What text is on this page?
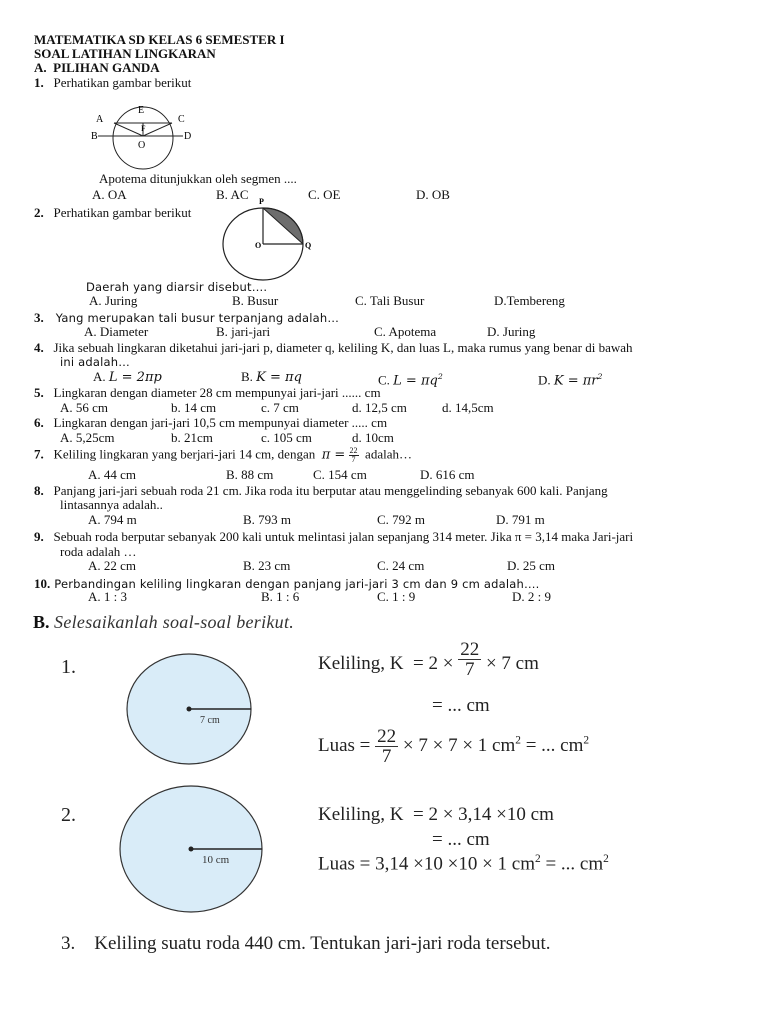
MATEMATIKA SD KELAS 6 SEMESTER I
SOAL LATIHAN LINGKARAN
A. PILIHAN GANDA
1. Perhatikan gambar berikut
E
A	C
F
B	D
O
Apotema ditunjukkan oleh segmen ....
A. OA	B. AC	C. OE	D. OB
2. Perhatikan gambar berikut
P
O	Q
Daerah yang diarsir disebut….
A. Juring	B. Busur	C. Tali Busur	D.Tembereng
3. Yang merupakan tali busur terpanjang adalah…
A. Diameter	B. jari-jari	C. Apotema	D. Juring
4. Jika sebuah lingkaran diketahui jari-jari p, diameter q, keliling K, dan luas L, maka rumus yang benar di bawah
ini adalah…
A. L = 2πp	B. K = πq	C. $L = \pi q^2$	D. $K = \pi r^2$
5. Lingkaran dengan diameter 28 cm mempunyai jari-jari ...... cm
A. 56 cm	b. 14 cm	c. 7 cm	d. 12,5 cm	d. 14,5cm
6. Lingkaran dengan jari-jari 10,5 cm mempunyai diameter ..... cm
A. 5,25cm	b. 21cm	c. 105 cm	d. 10cm
7. Keliling lingkaran yang berjari-jari 14 cm, dengan $\pi = \frac{22}{7}$ adalah…
A. 44 cm	B. 88 cm	C. 154 cm	D. 616 cm
8. Panjang jari-jari sebuah roda 21 cm. Jika roda itu berputar atau menggelinding sebanyak 600 kali. Panjang
lintasannya adalah..
A. 794 m	B. 793 m	C. 792 m	D. 791 m
9. Sebuah roda berputar sebanyak 200 kali untuk melintasi jalan sepanjang 314 meter. Jika π = 3,14 maka Jari-jari
roda adalah …
A. 22 cm	B. 23 cm	C. 24 cm	D. 25 cm
10. Perbandingan keliling lingkaran dengan panjang jari-jari 3 cm dan 9 cm adalah….
A. 1 : 3	B. 1 : 6	C. 1 : 9	D. 2 : 9
B. Selesaikanlah soal-soal berikut.
1.
7 cm
Keliling, $K = 2 \times \frac{22}{7} \times 7$ cm
= ... cm
Luas = $\frac{22}{7} \times 7 \times 7 \times 1$ $cm^2$ = ... $cm^2$
2.
10 cm
Keliling, K = 2 × 3,14 ×10 cm
= ... cm
Luas = 3,14 ×10 ×10 × 1 $cm^2$ = ... $cm^2$
3. Keliling suatu roda 440 cm. Tentukan jari-jari roda tersebut.
